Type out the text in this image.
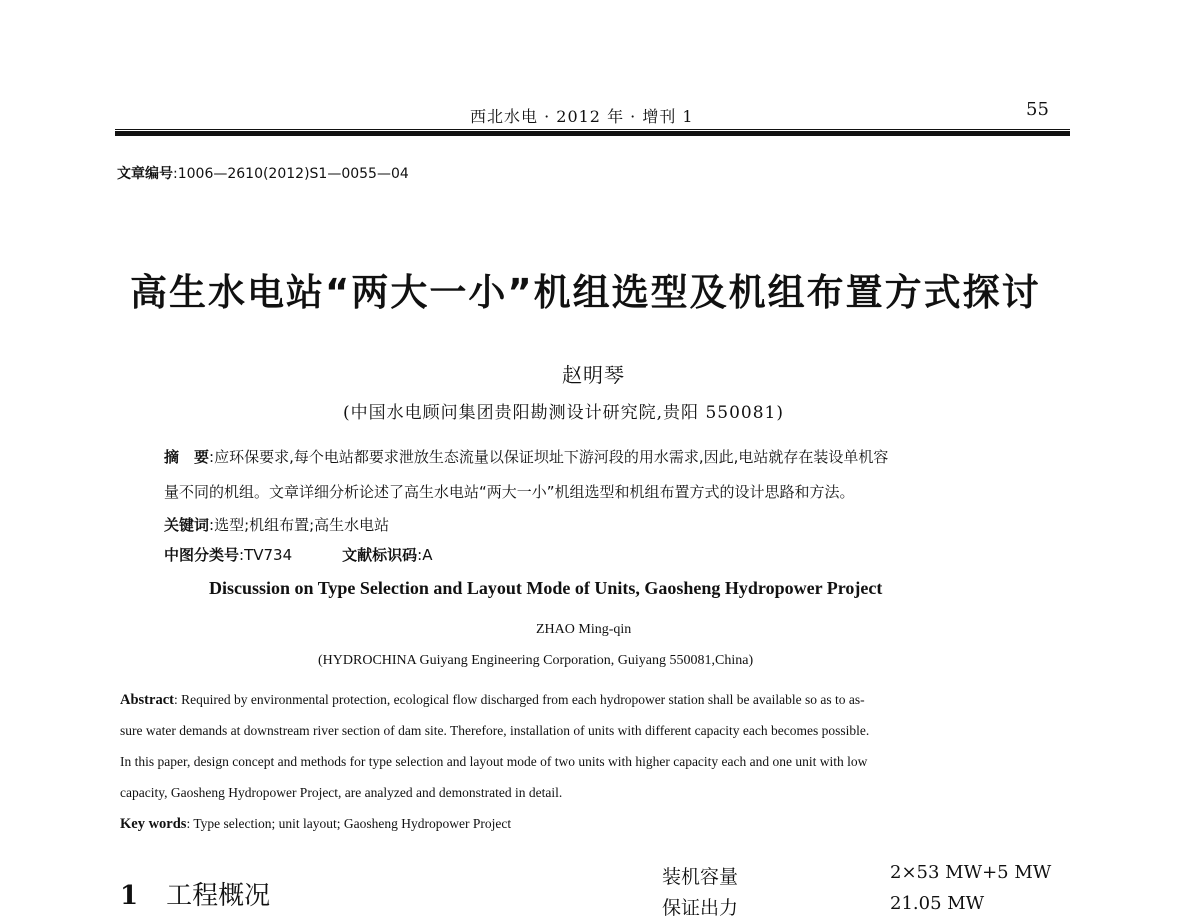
西北水电 · 2012 年 · 增刊 1	55
文章编号:1006—2610(2012)S1—0055—04
高生水电站“两大一小”机组选型及机组布置方式探讨
赵明琴
(中国水电顾问集团贵阳勘测设计研究院,贵阳 550081)
摘　要:应环保要求,每个电站都要求泄放生态流量以保证坝址下游河段的用水需求,因此,电站就存在装设单机容
量不同的机组。文章详细分析论述了高生水电站“两大一小”机组选型和机组布置方式的设计思路和方法。
关键词:选型;机组布置;高生水电站
中图分类号:TV734	文献标识码:A
Discussion on Type Selection and Layout Mode of Units, Gaosheng Hydropower Project
ZHAO Ming-qin
(HYDROCHINA Guiyang Engineering Corporation, Guiyang 550081,China)
Abstract: Required by environmental protection, ecological flow discharged from each hydropower station shall be available so as to as-
sure water demands at downstream river section of dam site. Therefore, installation of units with different capacity each becomes possible.
In this paper, design concept and methods for type selection and layout mode of two units with higher capacity each and one unit with low
capacity, Gaosheng Hydropower Project, are analyzed and demonstrated in detail.
Key words: Type selection; unit layout; Gaosheng Hydropower Project
1 工程概况
装机容量	2×53 MW+5 MW
保证出力	21.05 MW
